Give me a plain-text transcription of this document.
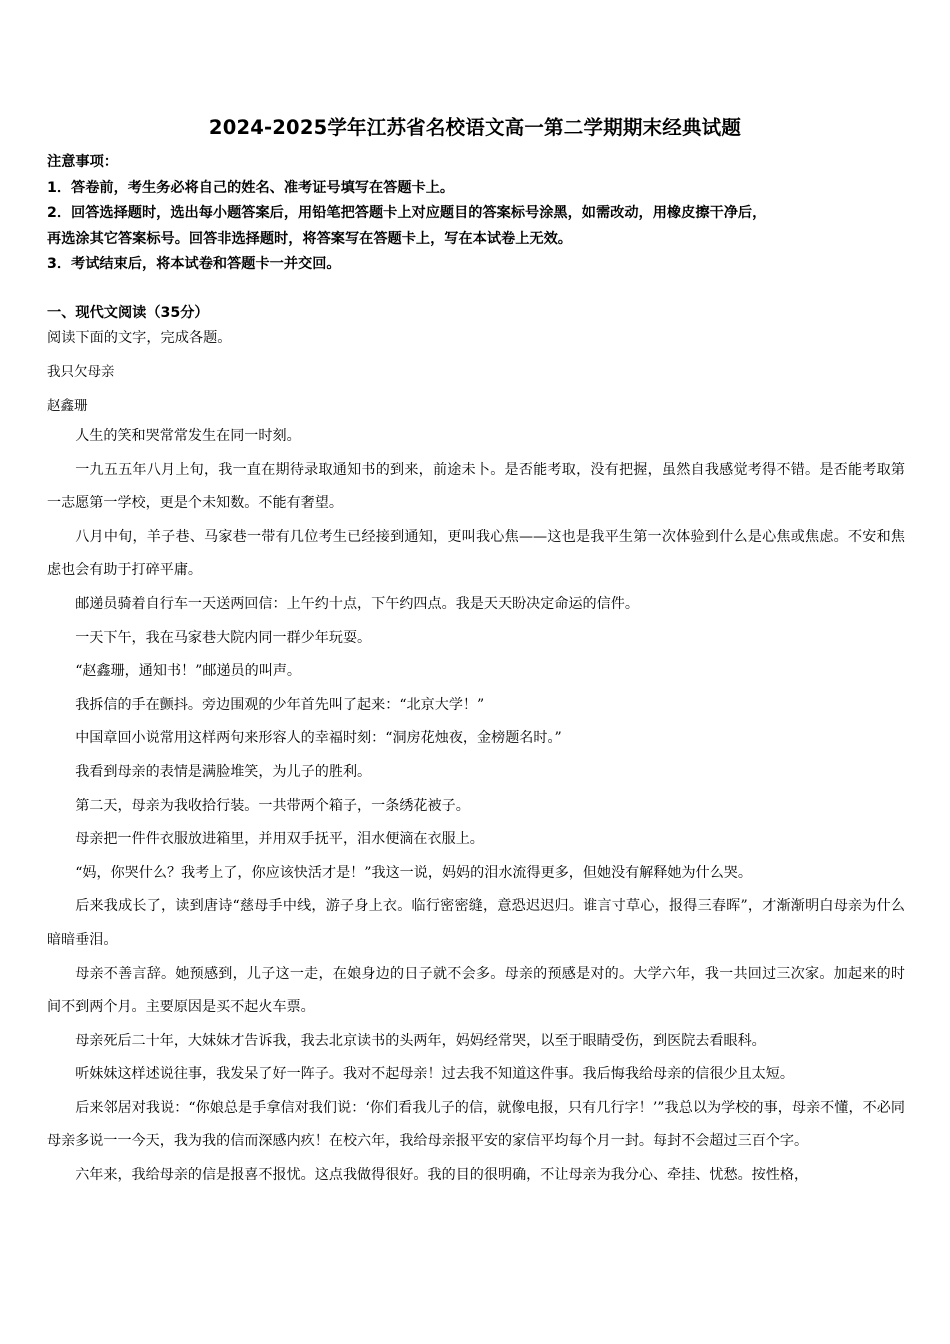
2024-2025学年江苏省名校语文高一第二学期期末经典试题
注意事项：
1．答卷前，考生务必将自己的姓名、准考证号填写在答题卡上。
2．回答选择题时，选出每小题答案后，用铅笔把答题卡上对应题目的答案标号涂黑，如需改动，用橡皮擦干净后，
再选涂其它答案标号。回答非选择题时，将答案写在答题卡上，写在本试卷上无效。
3．考试结束后，将本试卷和答题卡一并交回。
一、现代文阅读（35分）
阅读下面的文字，完成各题。
我只欠母亲
赵鑫珊

人生的笑和哭常常发生在同一时刻。

一九五五年八月上旬，我一直在期待录取通知书的到来，前途未卜。是否能考取，没有把握，虽然自我感觉考得不错。是否能考取第一志愿第一学校，更是个未知数。不能有奢望。

八月中旬，羊子巷、马家巷一带有几位考生已经接到通知，更叫我心焦——这也是我平生第一次体验到什么是心焦或焦虑。不安和焦虑也会有助于打碎平庸。

邮递员骑着自行车一天送两回信：上午约十点，下午约四点。我是天天盼决定命运的信件。

一天下午，我在马家巷大院内同一群少年玩耍。

“赵鑫珊，通知书！”邮递员的叫声。

我拆信的手在颤抖。旁边围观的少年首先叫了起来：“北京大学！”

中国章回小说常用这样两句来形容人的幸福时刻：“洞房花烛夜，金榜题名时。”

我看到母亲的表情是满脸堆笑，为儿子的胜利。

第二天，母亲为我收拾行装。一共带两个箱子，一条绣花被子。

母亲把一件件衣服放进箱里，并用双手抚平，泪水便滴在衣服上。

“妈，你哭什么？我考上了，你应该快活才是！”我这一说，妈妈的泪水流得更多，但她没有解释她为什么哭。

后来我成长了，读到唐诗“慈母手中线，游子身上衣。临行密密缝，意恐迟迟归。谁言寸草心，报得三春晖”，才渐渐明白母亲为什么暗暗垂泪。

母亲不善言辞。她预感到，儿子这一走，在娘身边的日子就不会多。母亲的预感是对的。大学六年，我一共回过三次家。加起来的时间不到两个月。主要原因是买不起火车票。

母亲死后二十年，大妹妹才告诉我，我去北京读书的头两年，妈妈经常哭，以至于眼睛受伤，到医院去看眼科。

听妹妹这样述说往事，我发呆了好一阵子。我对不起母亲！过去我不知道这件事。我后悔我给母亲的信很少且太短。

后来邻居对我说：“你娘总是手拿信对我们说：‘你们看我儿子的信，就像电报，只有几行字！’”我总以为学校的事，母亲不懂，不必同母亲多说一一今天，我为我的信而深感内疚！在校六年，我给母亲报平安的家信平均每个月一封。每封不会超过三百个字。

六年来，我给母亲的信是报喜不报忧。这点我做得很好。我的目的很明确，不让母亲为我分心、牵挂、忧愁。按性格，
